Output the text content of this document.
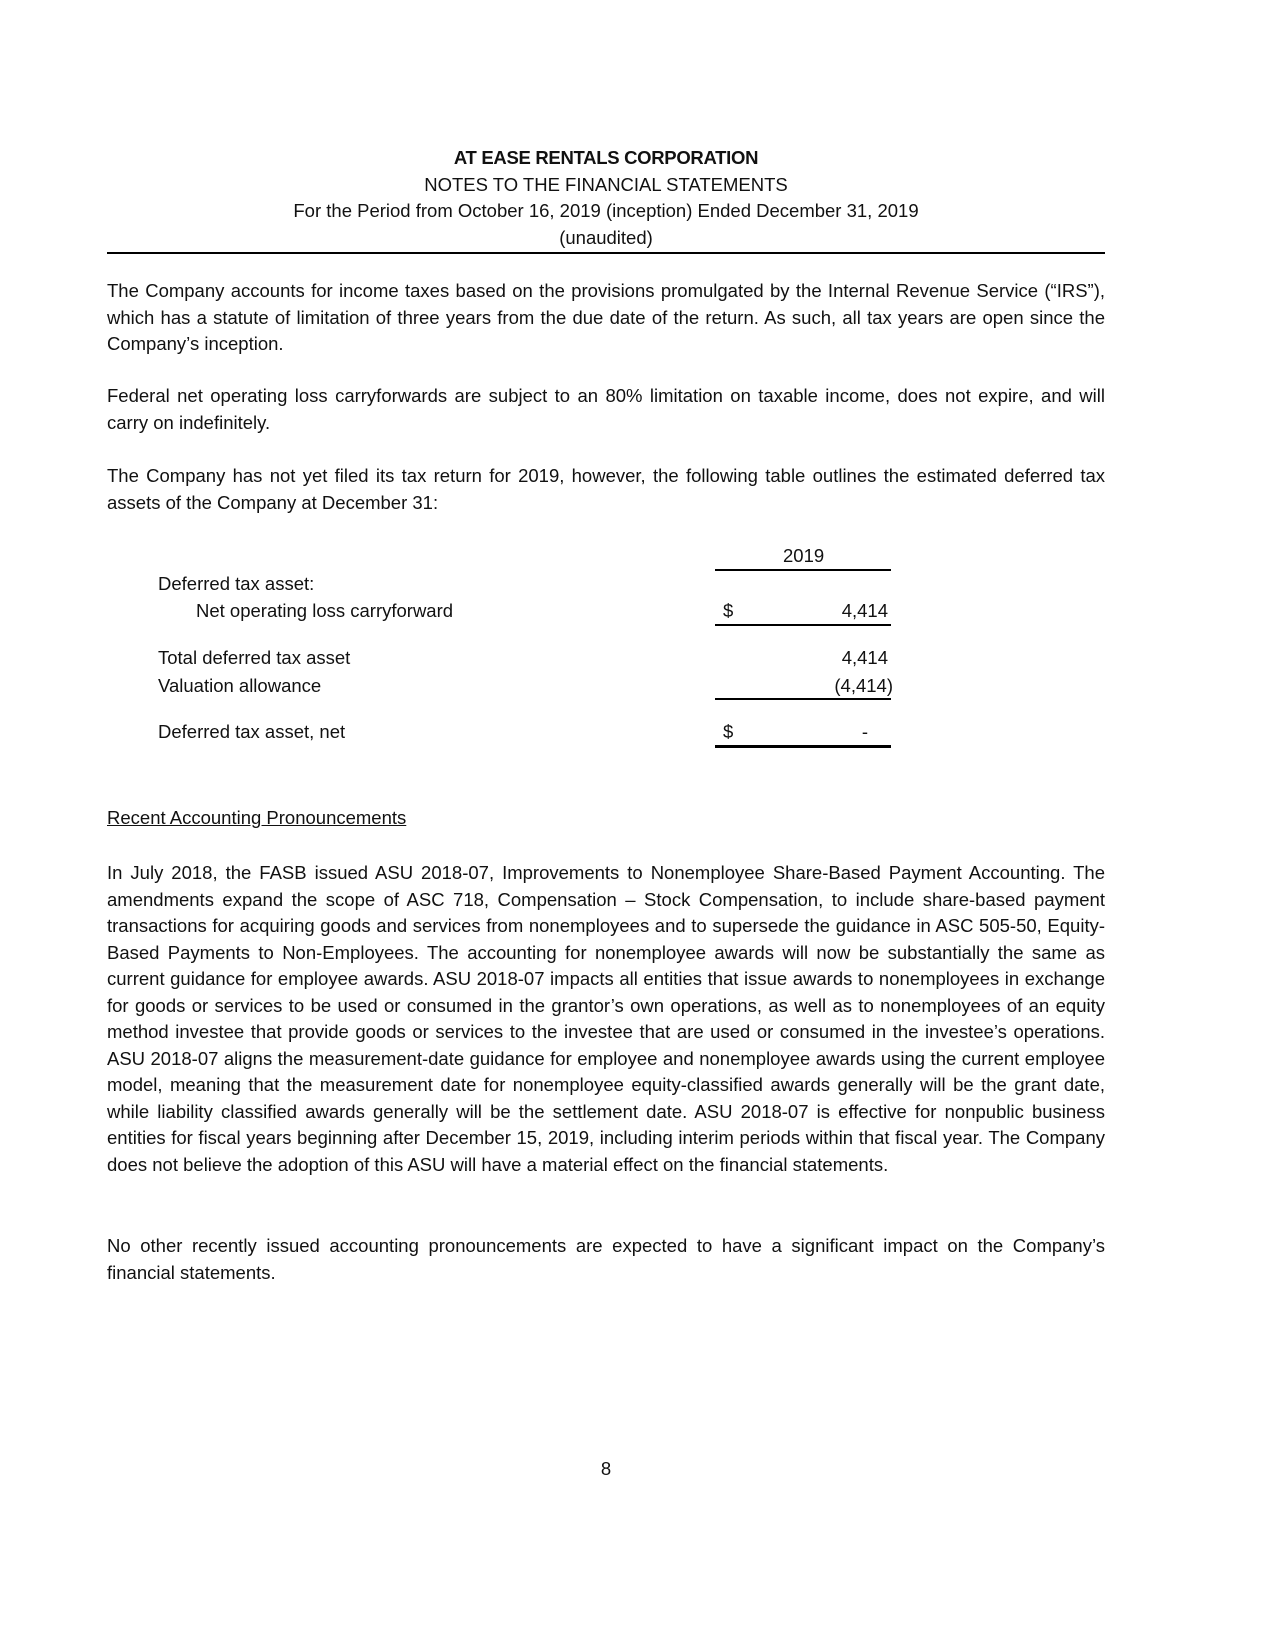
AT EASE RENTALS CORPORATION
NOTES TO THE FINANCIAL STATEMENTS
For the Period from October 16, 2019 (inception) Ended December 31, 2019
(unaudited)

The Company accounts for income taxes based on the provisions promulgated by the Internal Revenue Service (“IRS”), which has a statute of limitation of three years from the due date of the return. As such, all tax years are open since the Company’s inception.

Federal net operating loss carryforwards are subject to an 80% limitation on taxable income, does not expire, and will carry on indefinitely.

The Company has not yet filed its tax return for 2019, however, the following table outlines the estimated deferred tax assets of the Company at December 31:

2019
Deferred tax asset:
Net operating loss carryforward	$	4,414
Total deferred tax asset	4,414
Valuation allowance	(4,414)
Deferred tax asset, net	$	-
Recent Accounting Pronouncements

In July 2018, the FASB issued ASU 2018-07, Improvements to Nonemployee Share-Based Payment Accounting. The amendments expand the scope of ASC 718, Compensation – Stock Compensation, to include share-based payment transactions for acquiring goods and services from nonemployees and to supersede the guidance in ASC 505-50, Equity-Based Payments to Non-Employees. The accounting for nonemployee awards will now be substantially the same as current guidance for employee awards. ASU 2018-07 impacts all entities that issue awards to nonemployees in exchange for goods or services to be used or consumed in the grantor’s own operations, as well as to nonemployees of an equity method investee that provide goods or services to the investee that are used or consumed in the investee’s operations. ASU 2018-07 aligns the measurement-date guidance for employee and nonemployee awards using the current employee model, meaning that the measurement date for nonemployee equity-classified awards generally will be the grant date, while liability classified awards generally will be the settlement date. ASU 2018-07 is effective for nonpublic business entities for fiscal years beginning after December 15, 2019, including interim periods within that fiscal year. The Company does not believe the adoption of this ASU will have a material effect on the financial statements.

No other recently issued accounting pronouncements are expected to have a significant impact on the Company’s financial statements.

8
